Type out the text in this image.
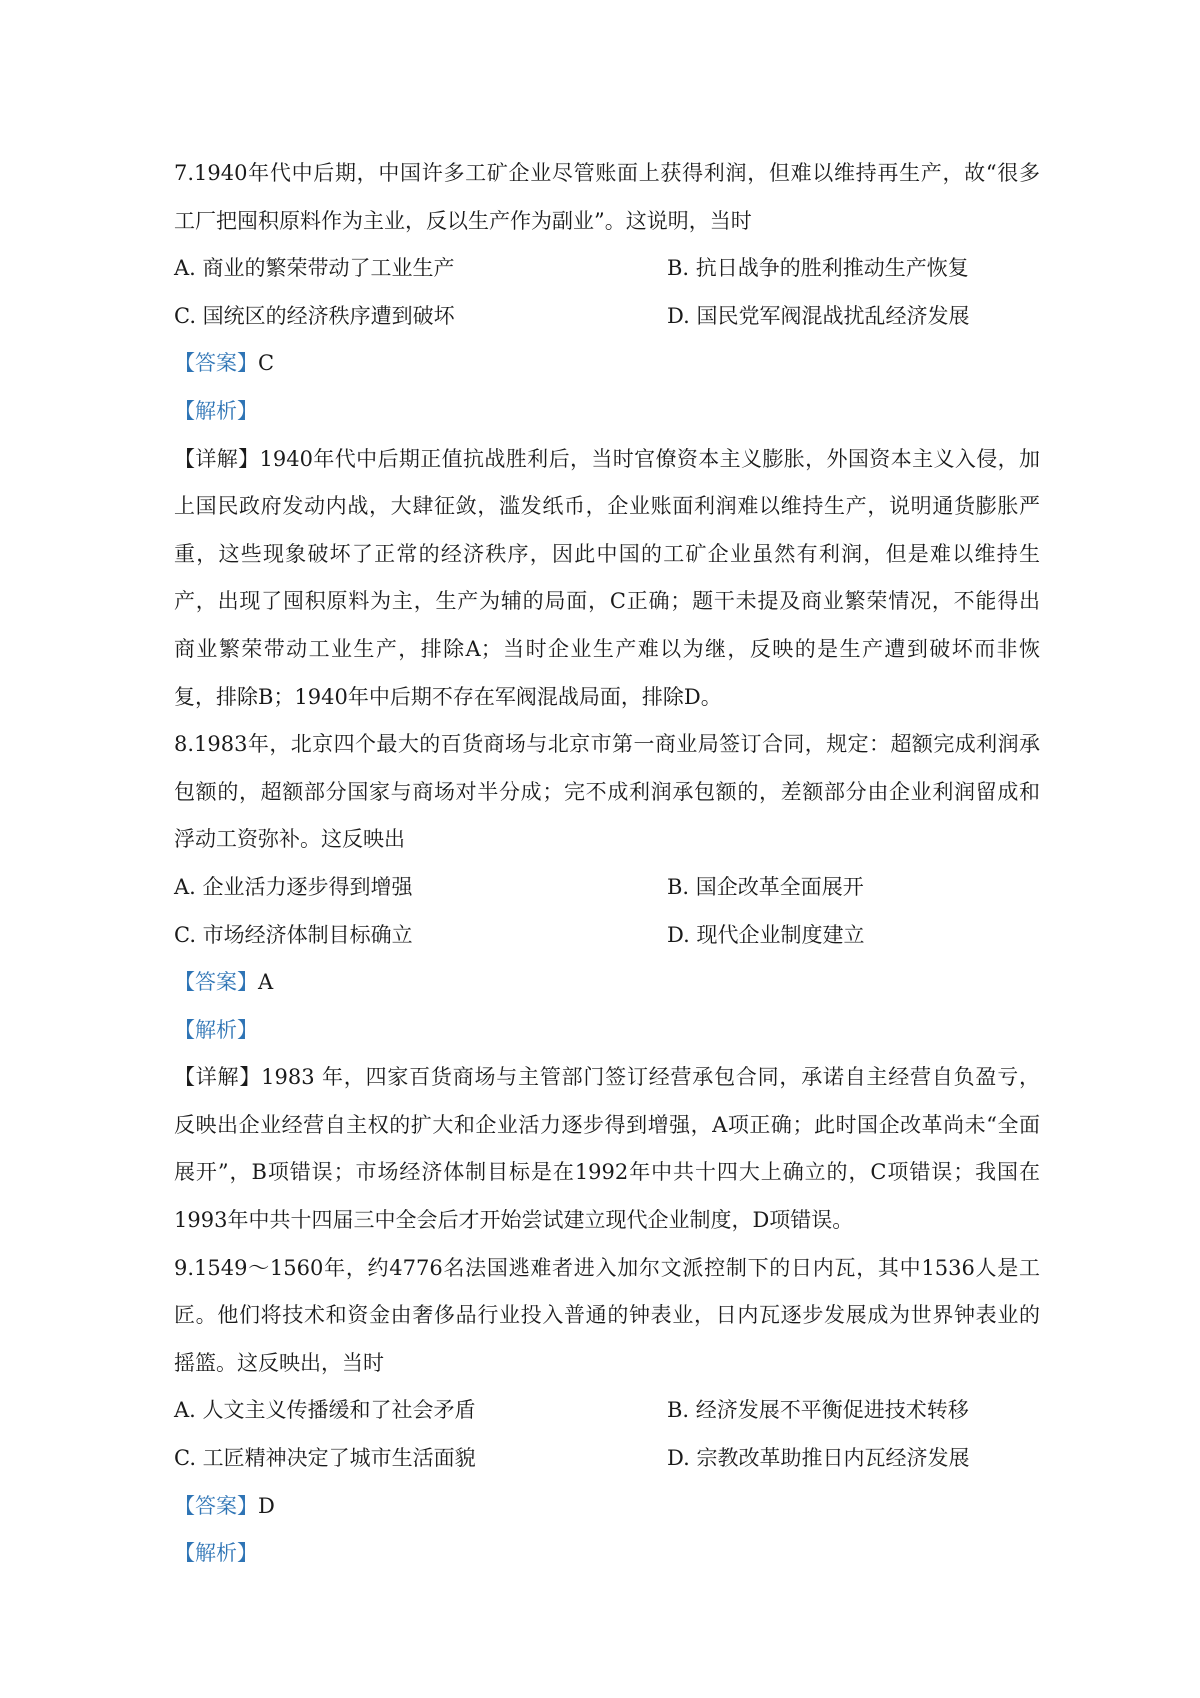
7.1940年代中后期，中国许多工矿企业尽管账面上获得利润，但难以维持再生产，故“很多
工厂把囤积原料作为主业，反以生产作为副业”。这说明，当时
A. 商业的繁荣带动了工业生产	B. 抗日战争的胜利推动生产恢复
C. 国统区的经济秩序遭到破坏	D. 国民党军阀混战扰乱经济发展
【答案】C
【解析】
【详解】1940年代中后期正值抗战胜利后，当时官僚资本主义膨胀，外国资本主义入侵，加
上国民政府发动内战，大肆征敛，滥发纸币，企业账面利润难以维持生产，说明通货膨胀严
重，这些现象破坏了正常的经济秩序，因此中国的工矿企业虽然有利润，但是难以维持生
产，出现了囤积原料为主，生产为辅的局面，C正确；题干未提及商业繁荣情况，不能得出
商业繁荣带动工业生产，排除A；当时企业生产难以为继，反映的是生产遭到破坏而非恢
复，排除B；1940年中后期不存在军阀混战局面，排除D。
8.1983年，北京四个最大的百货商场与北京市第一商业局签订合同，规定：超额完成利润承
包额的，超额部分国家与商场对半分成；完不成利润承包额的，差额部分由企业利润留成和
浮动工资弥补。这反映出
A. 企业活力逐步得到增强	B. 国企改革全面展开
C. 市场经济体制目标确立	D. 现代企业制度建立
【答案】A
【解析】
【详解】1983 年，四家百货商场与主管部门签订经营承包合同，承诺自主经营自负盈亏，
反映出企业经营自主权的扩大和企业活力逐步得到增强，A项正确；此时国企改革尚未“全面
展开”，B项错误；市场经济体制目标是在1992年中共十四大上确立的，C项错误；我国在
1993年中共十四届三中全会后才开始尝试建立现代企业制度，D项错误。
9.1549～1560年，约4776名法国逃难者进入加尔文派控制下的日内瓦，其中1536人是工
匠。他们将技术和资金由奢侈品行业投入普通的钟表业，日内瓦逐步发展成为世界钟表业的
摇篮。这反映出，当时
A. 人文主义传播缓和了社会矛盾	B. 经济发展不平衡促进技术转移
C. 工匠精神决定了城市生活面貌	D. 宗教改革助推日内瓦经济发展
【答案】D
【解析】
